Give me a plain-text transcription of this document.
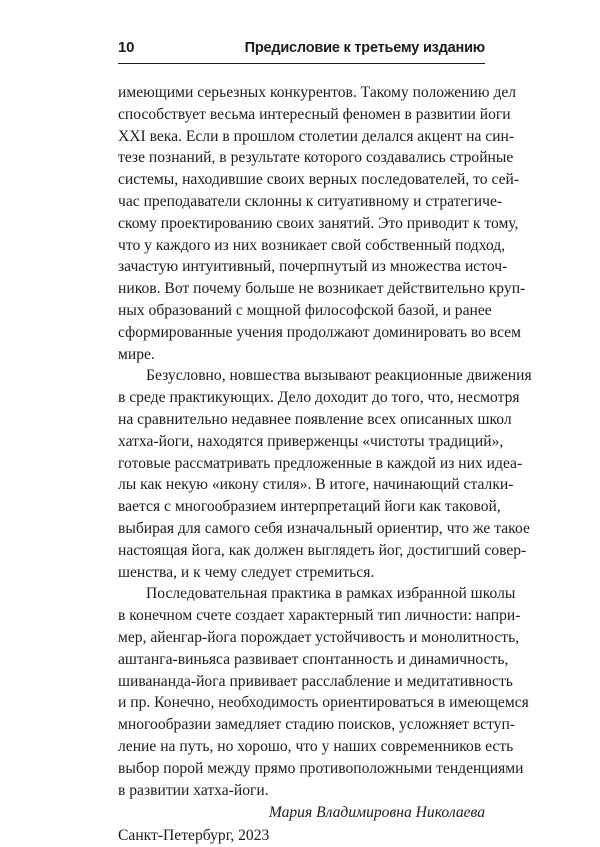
10	Предисловие к третьему изданию

имеющими серьезных конкурентов. Такому положению дел
способствует весьма интересный феномен в развитии йоги
XXI века. Если в прошлом столетии делался акцент на син-
тезе познаний, в результате которого создавались стройные
системы, находившие своих верных последователей, то сей-
час преподаватели склонны к ситуативному и стратегиче-
скому проектированию своих занятий. Это приводит к тому,
что у каждого из них возникает свой собственный подход,
зачастую интуитивный, почерпнутый из множества источ-
ников. Вот почему больше не возникает действительно круп-
ных образований с мощной философской базой, и ранее
сформированные учения продолжают доминировать во всем
мире.

Безусловно, новшества вызывают реакционные движения
в среде практикующих. Дело доходит до того, что, несмотря
на сравнительно недавнее появление всех описанных школ
хатха-йоги, находятся приверженцы «чистоты традиций»,
готовые рассматривать предложенные в каждой из них идеа-
лы как некую «икону стиля». В итоге, начинающий сталки-
вается с многообразием интерпретаций йоги как таковой,
выбирая для самого себя изначальный ориентир, что же такое
настоящая йога, как должен выглядеть йог, достигший совер-
шенства, и к чему следует стремиться.

Последовательная практика в рамках избранной школы
в конечном счете создает характерный тип личности: напри-
мер, айенгар-йога порождает устойчивость и монолитность,
аштанга-виньяса развивает спонтанность и динамичность,
шивананда-йога прививает расслабление и медитативность
и пр. Конечно, необходимость ориентироваться в имеющемся
многообразии замедляет стадию поисков, усложняет вступ-
ление на путь, но хорошо, что у наших современников есть
выбор порой между прямо противоположными тенденциями
в развитии хатха-йоги.

Мария Владимировна Николаева
Санкт-Петербург, 2023
